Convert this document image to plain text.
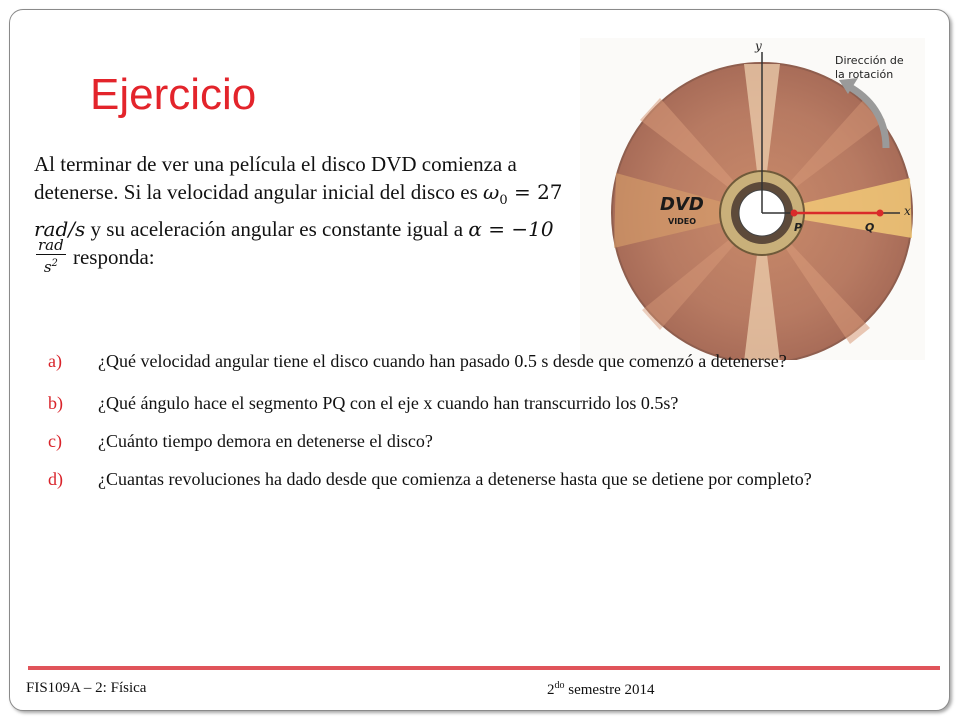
Ejercicio

Al terminar de ver una película el disco DVD comienza a detenerse. Si la velocidad angular inicial del disco es $\omega_0 = 27$ rad/s y su aceleración angular es constante igual a α = −10
$\frac{\text{rad}}{s^2}$ responda:

y
x
P	Q
DVD
VIDEO
Dirección de
la rotación
a) ¿Qué velocidad angular tiene el disco cuando han pasado 0.5 s desde que comenzó a detenerse?
b) ¿Qué ángulo hace el segmento PQ con el eje x cuando han transcurrido los 0.5s?
c) ¿Cuánto tiempo demora en detenerse el disco?
d) ¿Cuantas revoluciones ha dado desde que comienza a detenerse hasta que se detiene por completo?
FIS109A – 2: Física	$2^{do}$ semestre 2014
